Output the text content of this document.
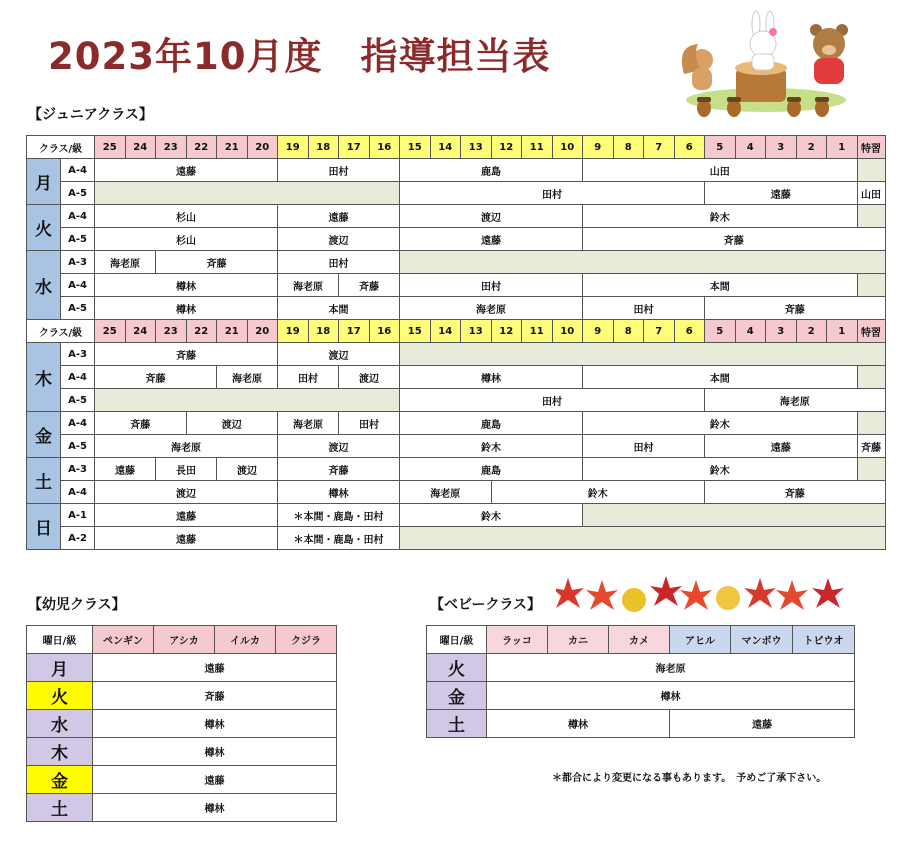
2023年10月度　指導担当表
【ジュニアクラス】
クラス/級		25	24	23	22	21	20	19	18	17	16	15	14	13	12	11	10	9	8	7	6	5	4	3	2	1	特習
月	A-4	遠藤						田村				鹿島						山田									
	A-5											田村										遠藤					山田
火	A-4	杉山						遠藤				渡辺						鈴木									
	A-5	杉山						渡辺				遠藤						斉藤									
水	A-3	海老原		斉藤				田村																			
	A-4	樽林						海老原		斉藤		田村						本間									
	A-5	樽林						本間				海老原						田村				斉藤					
クラス/級		25	24	23	22	21	20	19	18	17	16	15	14	13	12	11	10	9	8	7	6	5	4	3	2	1	特習
木	A-3	斉藤						渡辺																			
	A-4	斉藤				海老原		田村		渡辺		樽林						本間									
	A-5											田村										海老原					
金	A-4	斉藤			渡辺			海老原		田村		鹿島						鈴木									
	A-5	海老原						渡辺				鈴木						田村				遠藤					斉藤
土	A-3	遠藤		長田		渡辺		斉藤				鹿島						鈴木									
	A-4	渡辺						樽林				海老原			鈴木							斉藤					
日	A-1	遠藤						＊本間・鹿島・田村				鈴木															
	A-2	遠藤						＊本間・鹿島・田村																			
【幼児クラス】
曜日/級	ペンギン	アシカ	イルカ	クジラ
月	遠藤			
火	斉藤			
水	樽林			
木	樽林			
金	遠藤			
土	樽林			
【ベビークラス】
曜日/級	ラッコ	カニ	カメ	アヒル	マンボウ	トビウオ
火	海老原					
金	樽林					
土	樽林			遠藤		
＊都合により変更になる事もあります。　予めご了承下さい。
